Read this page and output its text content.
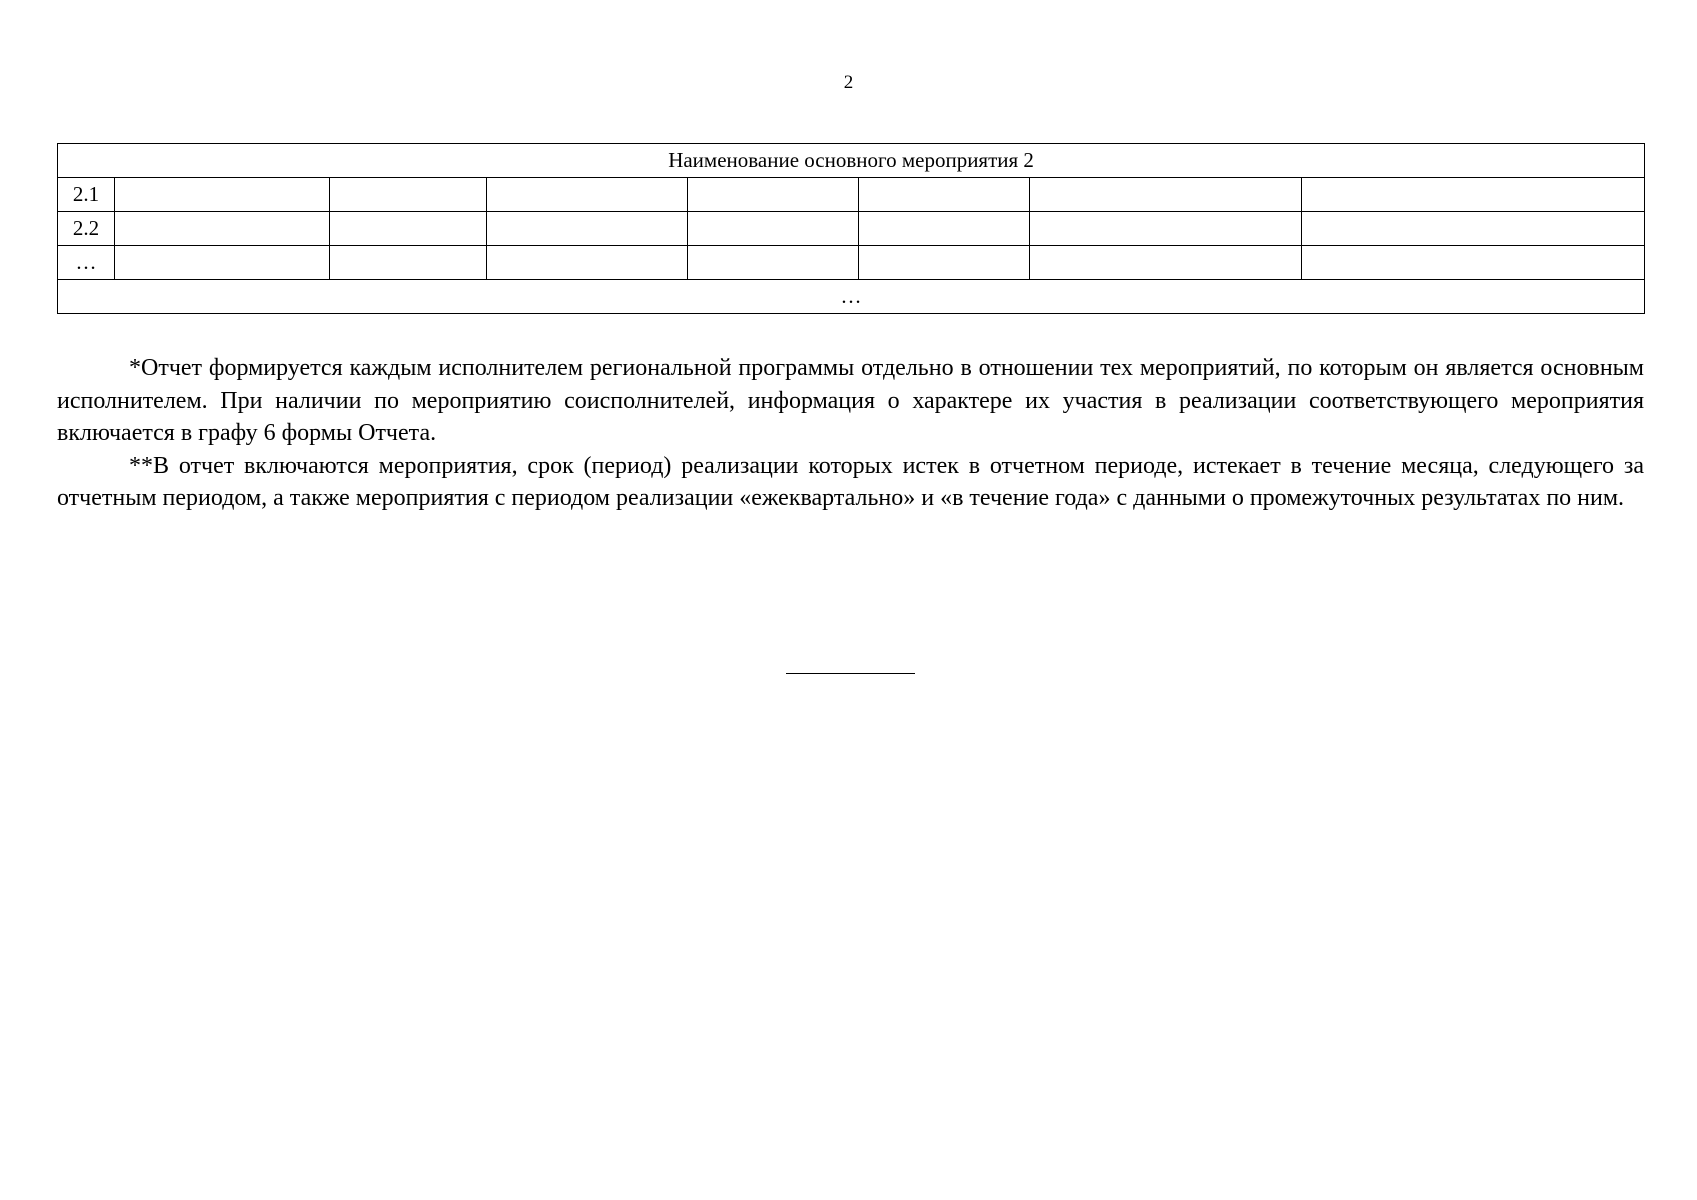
2
Наименование основного мероприятия 2							
2.1							
2.2							
…							
…							

*Отчет формируется каждым исполнителем региональной программы отдельно в отношении тех мероприятий, по которым он является основным исполнителем. При наличии по мероприятию соисполнителей, информация о характере их участия в реализации соответствующего мероприятия включается в графу 6 формы Отчета.

**В отчет включаются мероприятия, срок (период) реализации которых истек в отчетном периоде, истекает в течение месяца, следующего за отчетным периодом, а также мероприятия с периодом реализации «ежеквартально» и «в течение года» с данными о промежуточных результатах по ним.
